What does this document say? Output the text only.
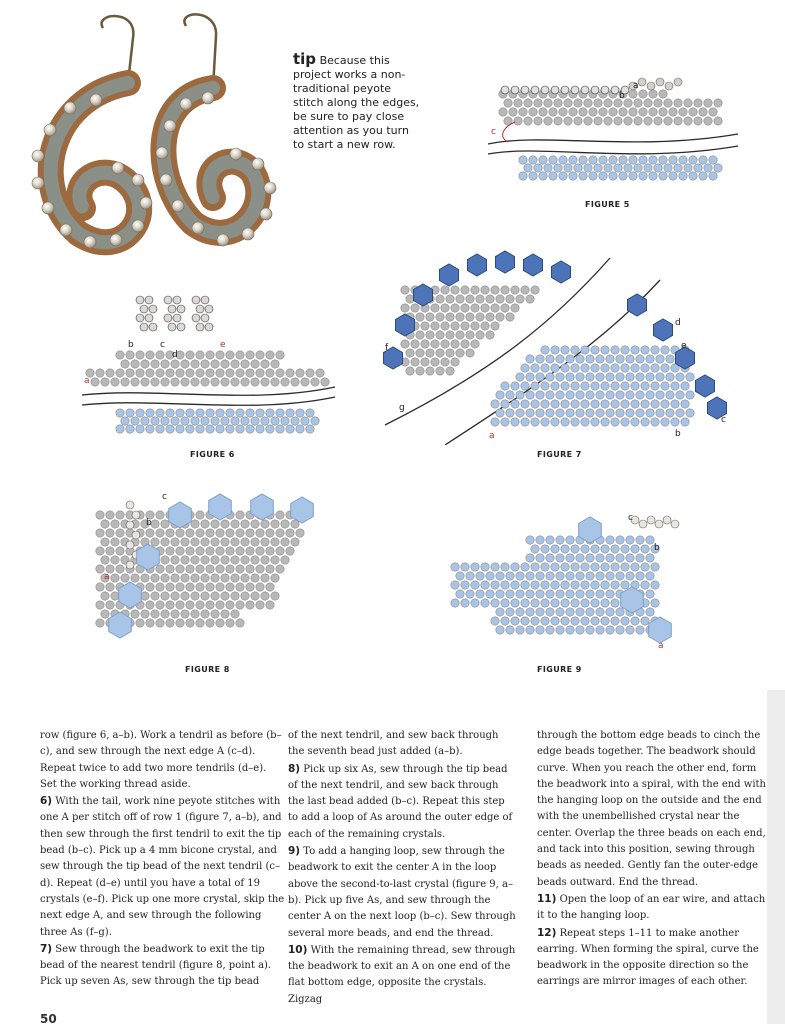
tip Because this project works a non-traditional peyote stitch along the edges, be sure to pay close attention as you turn to start a new row.
c
b
a
FIGURE 5
a
b	c
d
e
FIGURE 6
f
g
a	b
c
d
e
FIGURE 7
a
b
c
FIGURE 8
c
b
a
FIGURE 9

row (figure 6, a–b). Work a tendril as before (b–c), and sew through the next edge A (c–d). Repeat twice to add two more tendrils (d–e). Set the working thread aside.

6) With the tail, work nine peyote stitches with one A per stitch off of row 1 (figure 7, a–b), and then sew through the first tendril to exit the tip bead (b–c). Pick up a 4 mm bicone crystal, and sew through the tip bead of the next tendril (c–d). Repeat (d–e) until you have a total of 19 crystals (e–f). Pick up one more crystal, skip the next edge A, and sew through the following three As (f–g).

7) Sew through the beadwork to exit the tip bead of the nearest tendril (figure 8, point a). Pick up seven As, sew through the tip bead

of the next tendril, and sew back through the seventh bead just added (a–b).

8) Pick up six As, sew through the tip bead of the next tendril, and sew back through the last bead added (b–c). Repeat this step to add a loop of As around the outer edge of each of the remaining crystals.

9) To add a hanging loop, sew through the beadwork to exit the center A in the loop above the second-to-last crystal (figure 9, a–b). Pick up five As, and sew through the center A on the next loop (b–c). Sew through several more beads, and end the thread.

10) With the remaining thread, sew through the beadwork to exit an A on one end of the flat bottom edge, opposite the crystals. Zigzag

through the bottom edge beads to cinch the edge beads together. The beadwork should curve. When you reach the other end, form the beadwork into a spiral, with the end with the hanging loop on the outside and the end with the unembellished crystal near the center. Overlap the three beads on each end, and tack into this position, sewing through beads as needed. Gently fan the outer-edge beads outward. End the thread.

11) Open the loop of an ear wire, and attach it to the hanging loop.

12) Repeat steps 1–11 to make another earring. When forming the spiral, curve the beadwork in the opposite direction so the earrings are mirror images of each other.

50
